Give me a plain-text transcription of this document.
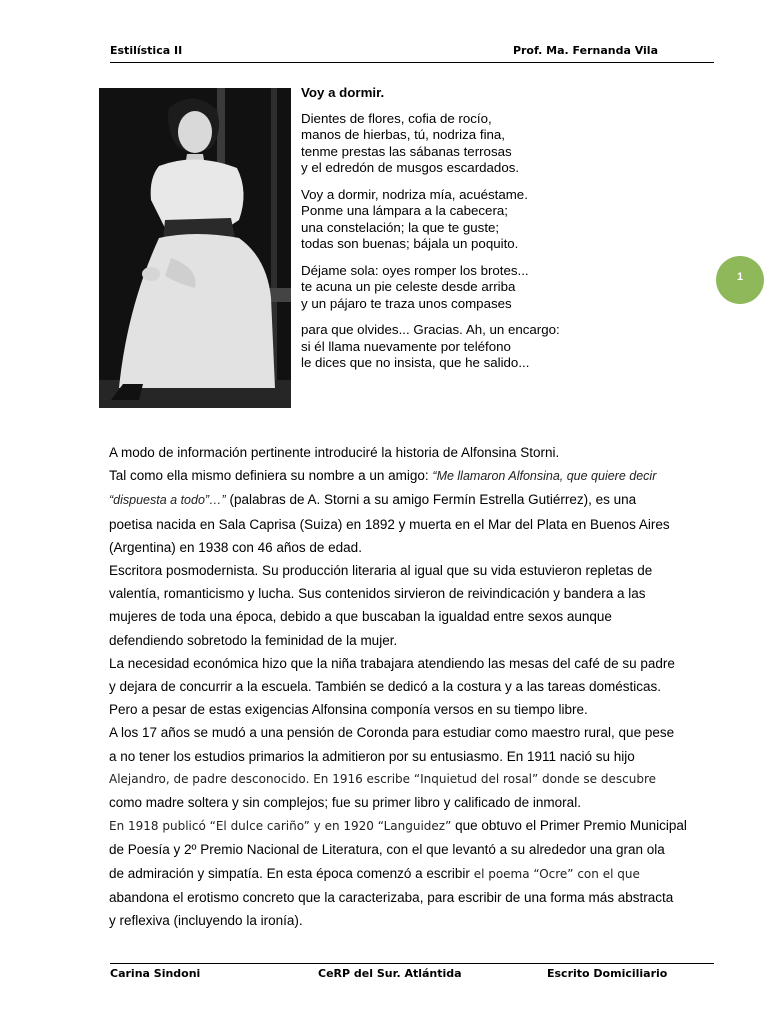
Estilística II	Prof. Ma. Fernanda Vila
Voy a dormir.
Dientes de flores, cofia de rocío,
manos de hierbas, tú, nodriza fina,
tenme prestas las sábanas terrosas
y el edredón de musgos escardados.
Voy a dormir, nodriza mía, acuéstame.
Ponme una lámpara a la cabecera;
una constelación; la que te guste;
todas son buenas; bájala un poquito.
Déjame sola: oyes romper los brotes...
te acuna un pie celeste desde arriba
y un pájaro te traza unos compases
para que olvides... Gracias. Ah, un encargo:
si él llama nuevamente por teléfono
le dices que no insista, que he salido...
1

A modo de información pertinente introduciré la historia de Alfonsina Storni.

Tal como ella mismo definiera su nombre a un amigo: “Me llamaron Alfonsina, que quiere decir

“dispuesta a todo”…” (palabras de A. Storni a su amigo Fermín Estrella Gutiérrez), es una

poetisa nacida en Sala Caprisa (Suiza) en 1892 y muerta en el Mar del Plata en Buenos Aires

(Argentina) en 1938 con 46 años de edad.

Escritora posmodernista. Su producción literaria al igual que su vida estuvieron repletas de

valentía, romanticismo y lucha. Sus contenidos sirvieron de reivindicación y bandera a las

mujeres de toda una época, debido a que buscaban la igualdad entre sexos aunque

defendiendo sobretodo la feminidad de la mujer.

La necesidad económica hizo que la niña trabajara atendiendo las mesas del café de su padre

y dejara de concurrir a la escuela. También se dedicó a la costura y a las tareas domésticas.

Pero a pesar de estas exigencias Alfonsina componía versos en su tiempo libre.

A los 17 años se mudó a una pensión de Coronda para estudiar como maestro rural, que pese

a no tener los estudios primarios la admitieron por su entusiasmo. En 1911 nació su hijo

Alejandro, de padre desconocido. En 1916 escribe “Inquietud del rosal” donde se descubre

como madre soltera y sin complejos; fue su primer libro y calificado de inmoral.

En 1918 publicó “El dulce cariño” y en 1920 “Languidez” que obtuvo el Primer Premio Municipal

de Poesía y 2º Premio Nacional de Literatura, con el que levantó a su alrededor una gran ola

de admiración y simpatía. En esta época comenzó a escribir el poema “Ocre” con el que

abandona el erotismo concreto que la caracterizaba, para escribir de una forma más abstracta

y reflexiva (incluyendo la ironía).

Carina Sindoni	CeRP del Sur. Atlántida	Escrito Domiciliario
